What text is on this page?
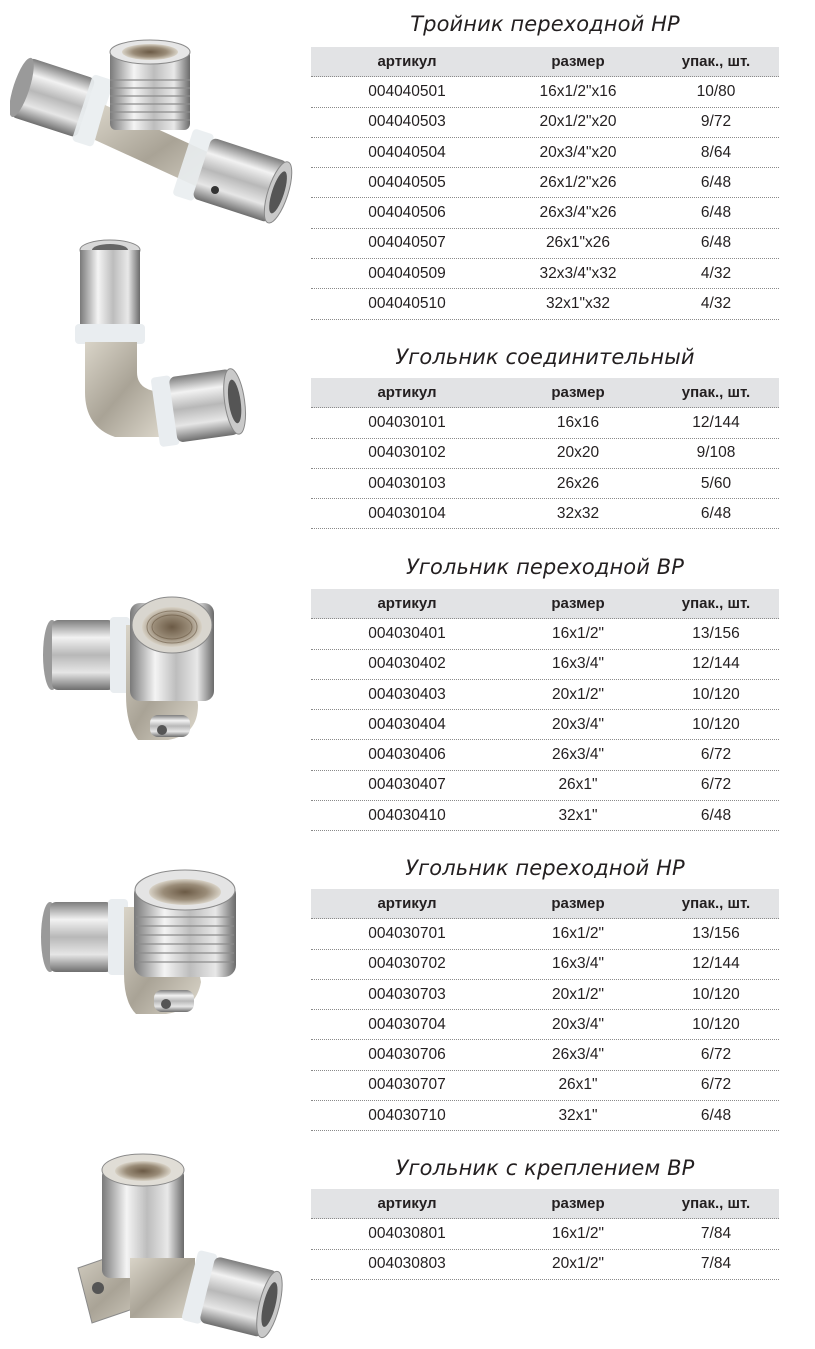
Тройник переходной НР
артикул	размер	упак., шт.
004040501	16x1/2"x16	10/80
004040503	20x1/2"x20	9/72
004040504	20x3/4"x20	8/64
004040505	26x1/2"x26	6/48
004040506	26x3/4"x26	6/48
004040507	26x1"x26	6/48
004040509	32x3/4"x32	4/32
004040510	32x1"x32	4/32
Угольник соединительный
артикул	размер	упак., шт.
004030101	16x16	12/144
004030102	20x20	9/108
004030103	26x26	5/60
004030104	32x32	6/48
Угольник переходной ВР
артикул	размер	упак., шт.
004030401	16x1/2"	13/156
004030402	16x3/4"	12/144
004030403	20x1/2"	10/120
004030404	20x3/4"	10/120
004030406	26x3/4"	6/72
004030407	26x1"	6/72
004030410	32x1"	6/48
Угольник переходной НР
артикул	размер	упак., шт.
004030701	16x1/2"	13/156
004030702	16x3/4"	12/144
004030703	20x1/2"	10/120
004030704	20x3/4"	10/120
004030706	26x3/4"	6/72
004030707	26x1"	6/72
004030710	32x1"	6/48
Угольник с креплением ВР
артикул	размер	упак., шт.
004030801	16x1/2"	7/84
004030803	20x1/2"	7/84
